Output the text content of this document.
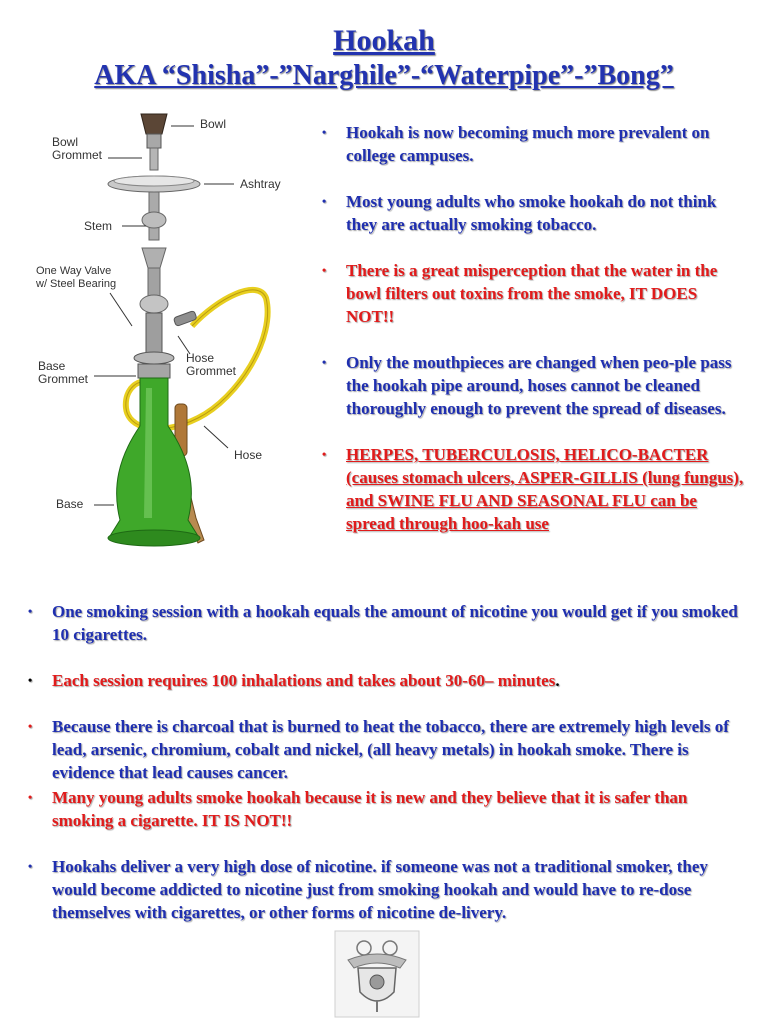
Hookah
AKA “Shisha”-”Narghile”-“Waterpipe”-”Bong”
Bowl
Bowl
Grommet
Ashtray
Stem
One Way Valve
w/ Steel Bearing
Hose
Grommet
Base
Grommet
Hose
Base
• Hookah is now becoming much more prevalent on college campuses.
• Most young adults who smoke hookah do not think they are actually smoking tobacco.
• There is a great misperception that the water in the bowl filters out toxins from the smoke, IT DOES NOT!!
• Only the mouthpieces are changed when peo-ple pass the hookah pipe around, hoses cannot be cleaned thoroughly enough to prevent the spread of diseases.
• HERPES, TUBERCULOSIS, HELICO-BACTER (causes stomach ulcers, ASPER-GILLIS (lung fungus), and SWINE FLU AND SEASONAL FLU can be spread through hoo-kah use
• One smoking session with a hookah equals the amount of nicotine you would get if you smoked 10 cigarettes.
• Each session requires 100 inhalations and takes about 30-60– minutes.
• Because there is charcoal that is burned to heat the tobacco, there are extremely high levels of lead, arsenic, chromium, cobalt and nickel, (all heavy metals) in hookah smoke. There is evidence that lead causes cancer.
• Many young adults smoke hookah because it is new and they believe that it is safer than smoking a cigarette. IT IS NOT!!
• Hookahs deliver a very high dose of nicotine. if someone was not a traditional smoker, they would become addicted to nicotine just from smoking hookah and would have to re-dose themselves with cigarettes, or other forms of nicotine de-livery.
